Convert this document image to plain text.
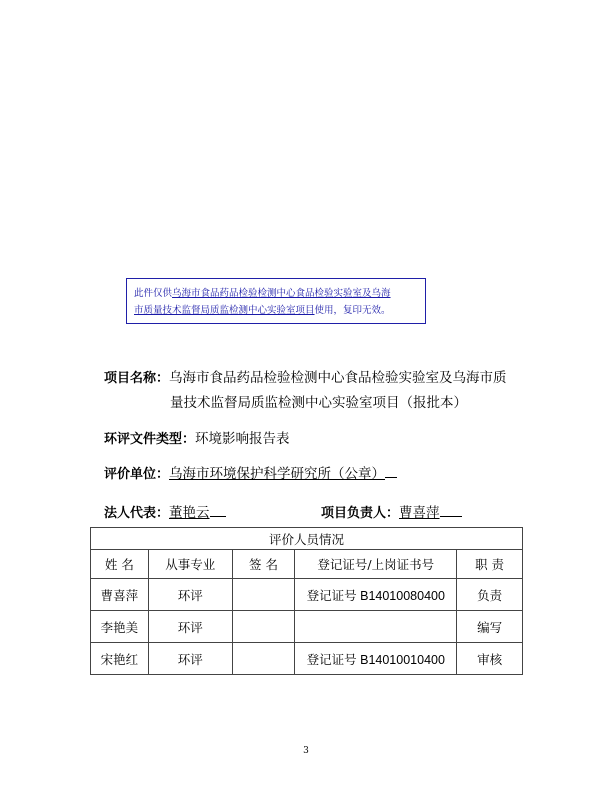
此件仅供乌海市食品药品检验检测中心食品检验实验室及乌海
市质量技术监督局质监检测中心实验室项目使用，复印无效。
项目名称：乌海市食品药品检验检测中心食品检验实验室及乌海市质
量技术监督局质监检测中心实验室项目（报批本）
环评文件类型：环境影响报告表
评价单位：乌海市环境保护科学研究所（公章）
法人代表：董艳云	项目负责人：曹喜萍
评价人员情况				
姓 名	从事专业	签 名	登记证号/上岗证书号	职 责
曹喜萍	环评		登记证号 B14010080400	负责
李艳美	环评			编写
宋艳红	环评		登记证号 B14010010400	审核
3
